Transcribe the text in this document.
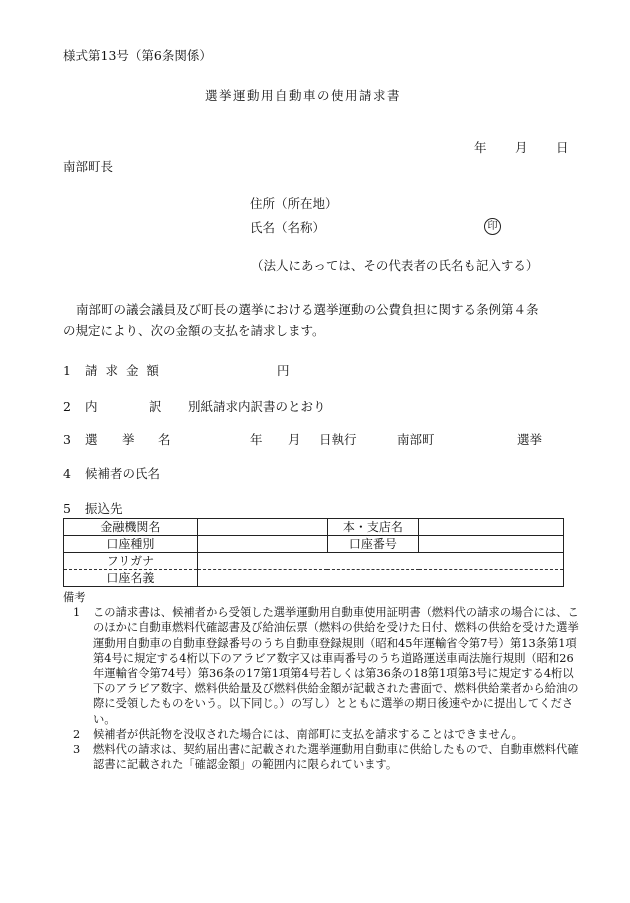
様式第13号（第6条関係）
選挙運動用自動車の使用請求書
年 月 日
南部町長
住所（所在地）
氏名（名称）	印
（法人にあっては、その代表者の氏名も記入する）
南部町の議会議員及び町長の選挙における選挙運動の公費負担に関する条例第４条
の規定により、次の金額の支払を請求します。
1 請 求 金 額	円
2 内	訳 別紙請求内訳書のとおり
3 選 挙 名	年 月 日執行	南部町	選挙
4 候補者の氏名
5 振込先
金融機関名		本・支店名	
口座種別		口座番号	
フリガナ			
口座名義			
備考
1 この請求書は、候補者から受領した選挙運動用自動車使用証明書（燃料代の請求の場合には、このほかに自動車燃料代確認書及び給油伝票（燃料の供給を受けた日付、燃料の供給を受けた選挙運動用自動車の自動車登録番号のうち自動車登録規則（昭和45年運輸省令第7号）第13条第1項第4号に規定する4桁以下のアラビア数字又は車両番号のうち道路運送車両法施行規則（昭和26年運輸省令第74号）第36条の17第1項第4号若しくは第36条の18第1項第3号に規定する4桁以下のアラビア数字、燃料供給量及び燃料供給金額が記載された書面で、燃料供給業者から給油の際に受領したものをいう。以下同じ。）の写し）とともに選挙の期日後速やかに提出してください。
2 候補者が供託物を没収された場合には、南部町に支払を請求することはできません。
3 燃料代の請求は、契約届出書に記載された選挙運動用自動車に供給したもので、自動車燃料代確認書に記載された「確認金額」の範囲内に限られています。
